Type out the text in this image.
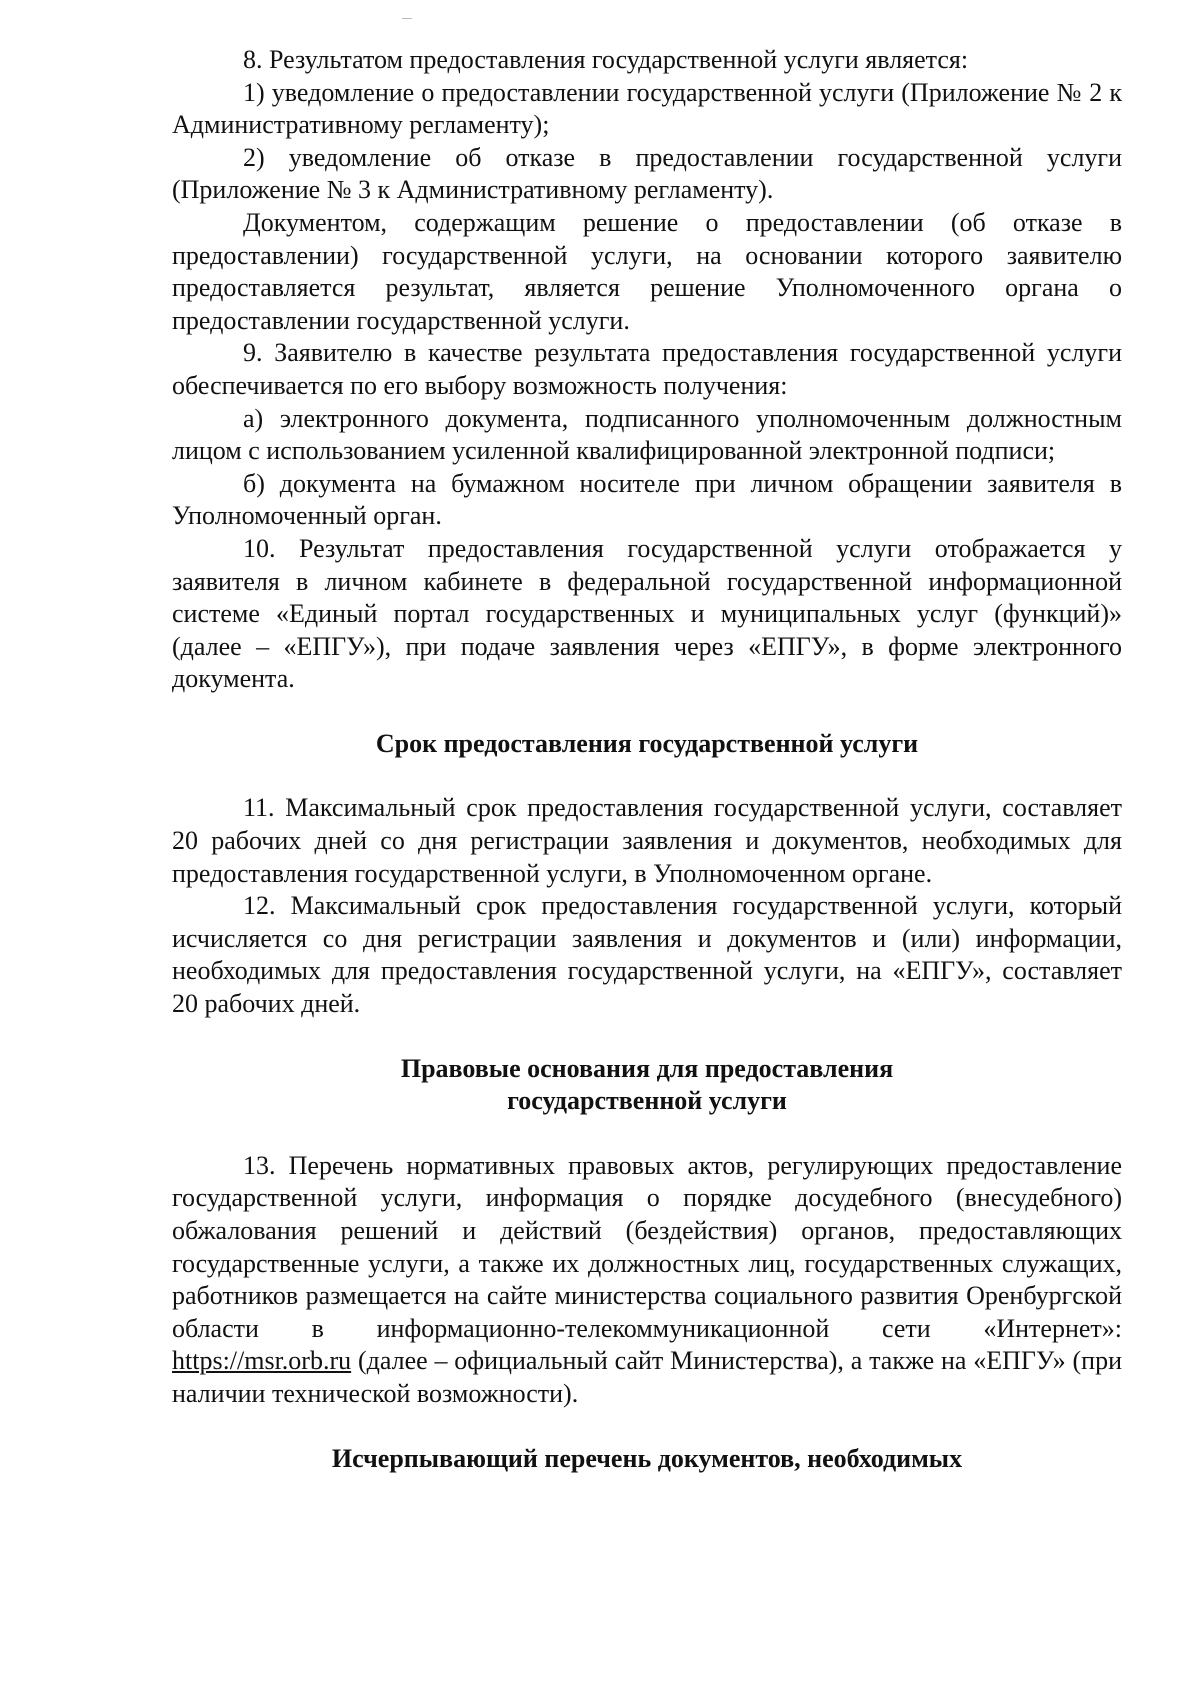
8. Результатом предоставления государственной услуги является:

1) уведомление о предоставлении государственной услуги (Приложение № 2 к Административному регламенту);

2) уведомление об отказе в предоставлении государственной услуги (Приложение № 3 к Административному регламенту).

Документом, содержащим решение о предоставлении (об отказе в предоставлении) государственной услуги, на основании которого заявителю предоставляется результат, является решение Уполномоченного органа о предоставлении государственной услуги.

9. Заявителю в качестве результата предоставления государственной услуги обеспечивается по его выбору возможность получения:

а) электронного документа, подписанного уполномоченным должностным лицом с использованием усиленной квалифицированной электронной подписи;

б) документа на бумажном носителе при личном обращении заявителя в Уполномоченный орган.

10. Результат предоставления государственной услуги отображается у заявителя в личном кабинете в федеральной государственной информационной системе «Единый портал государственных и муниципальных услуг (функций)» (далее – «ЕПГУ»), при подаче заявления через «ЕПГУ», в форме электронного документа.

Срок предоставления государственной услуги

11. Максимальный срок предоставления государственной услуги, составляет 20 рабочих дней со дня регистрации заявления и документов, необходимых для предоставления государственной услуги, в Уполномоченном органе.

12. Максимальный срок предоставления государственной услуги, который исчисляется со дня регистрации заявления и документов и (или) информации, необходимых для предоставления государственной услуги, на «ЕПГУ», составляет 20 рабочих дней.

Правовые основания для предоставления
государственной услуги

13. Перечень нормативных правовых актов, регулирующих предоставление государственной услуги, информация о порядке досудебного (внесудебного) обжалования решений и действий (бездействия) органов, предоставляющих государственные услуги, а также их должностных лиц, государственных служащих, работников размещается на сайте министерства социального развития Оренбургской области в информационно-телекоммуникационной сети «Интернет»: https://msr.orb.ru (далее – официальный сайт Министерства), а также на «ЕПГУ» (при наличии технической возможности).

Исчерпывающий перечень документов, необходимых
